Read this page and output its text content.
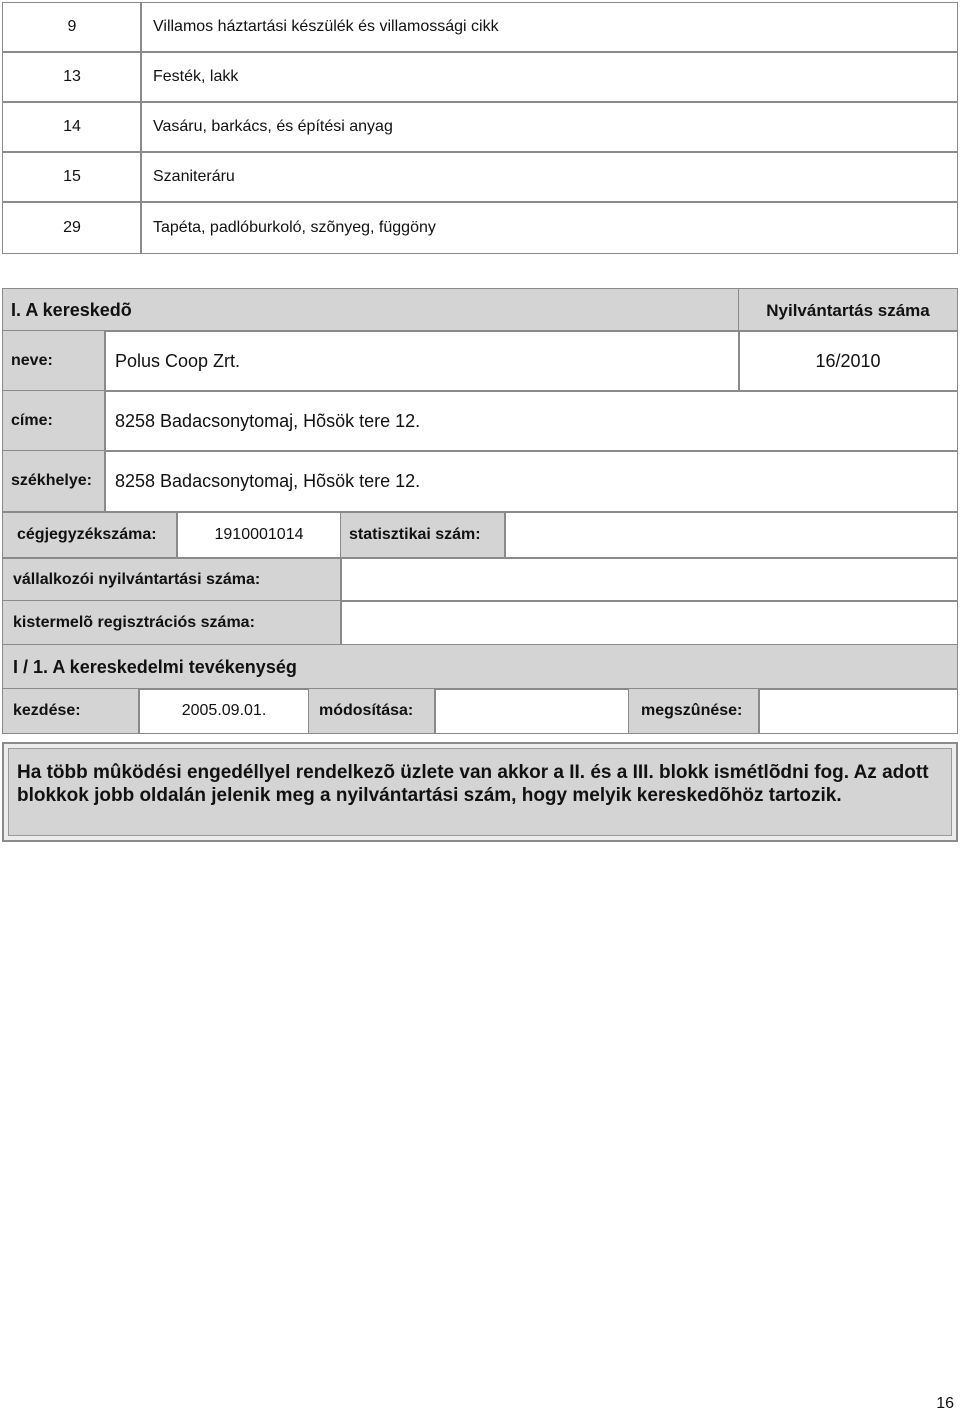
9	Villamos háztartási készülék és villamossági cikk
13	Festék, lakk
14	Vasáru, barkács, és építési anyag
15	Szaniteráru
29	Tapéta, padlóburkoló, szõnyeg, függöny
I. A kereskedõ	Nyilvántartás száma
neve:	Polus Coop Zrt.	16/2010
címe:	8258 Badacsonytomaj, Hõsök tere 12.
székhelye:	8258 Badacsonytomaj, Hõsök tere 12.
cégjegyzékszáma:	1910001014	statisztikai szám:
vállalkozói nyilvántartási száma:
kistermelõ regisztrációs száma:
I / 1. A kereskedelmi tevékenység
kezdése:	2005.09.01.	módosítása:	megszûnése:
Ha több mûködési engedéllyel rendelkezõ üzlete van akkor a II. és a III. blokk ismétlõdni fog. Az adott blokkok jobb oldalán jelenik meg a nyilvántartási szám, hogy melyik kereskedõhöz tartozik.
16
